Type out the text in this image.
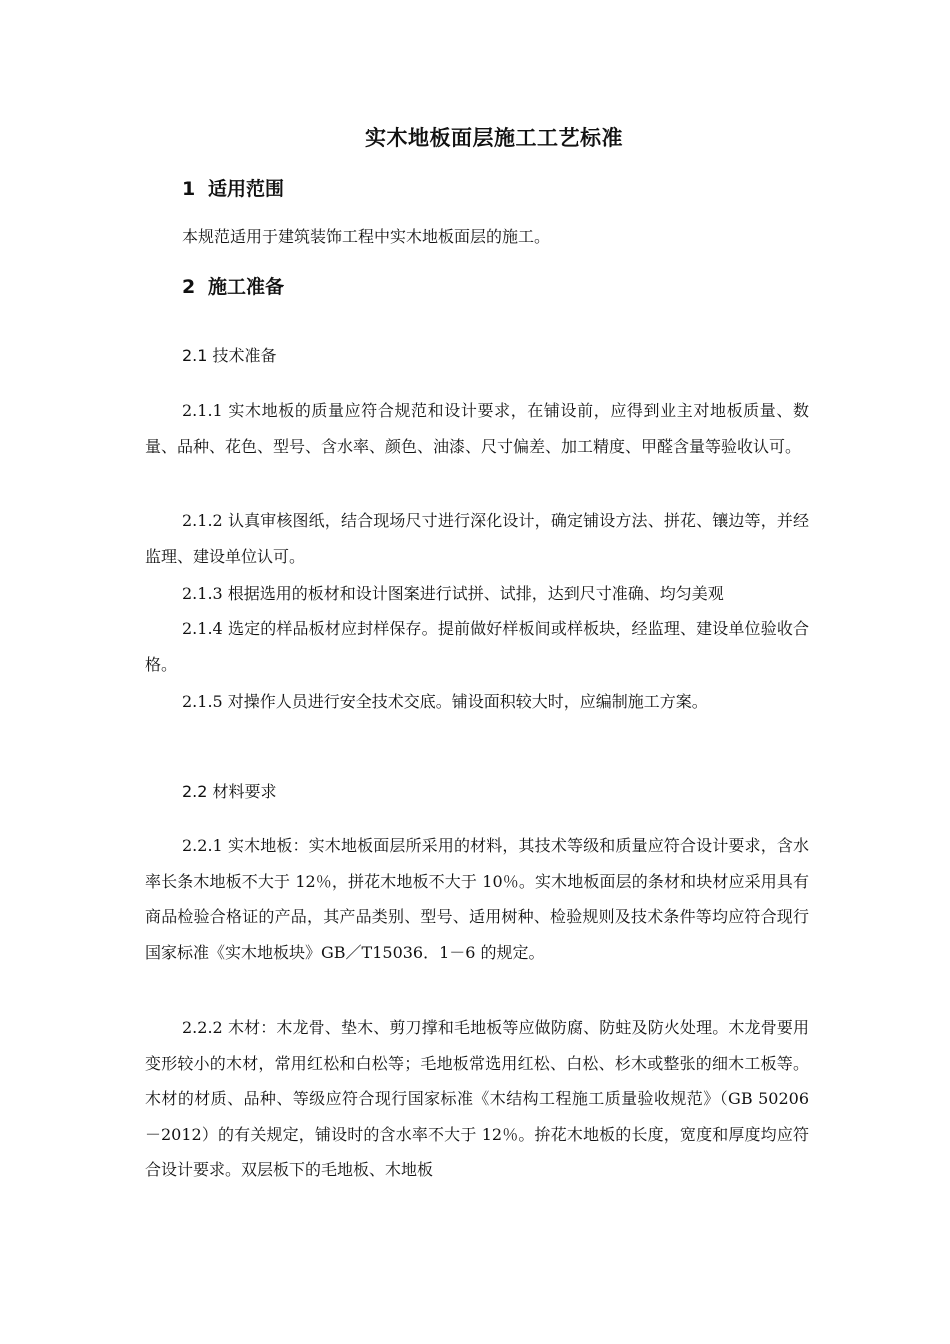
实木地板面层施工工艺标准
1 适用范围
本规范适用于建筑装饰工程中实木地板面层的施工。
2 施工准备
2.1 技术准备
2.1.1 实木地板的质量应符合规范和设计要求，在铺设前，应得到业主对地板质量、数量、品种、花色、型号、含水率、颜色、油漆、尺寸偏差、加工精度、甲醛含量等验收认可。
2.1.2 认真审核图纸，结合现场尺寸进行深化设计，确定铺设方法、拼花、镶边等，并经监理、建设单位认可。
2.1.3 根据选用的板材和设计图案进行试拼、试排，达到尺寸准确、均匀美观
2.1.4 选定的样品板材应封样保存。提前做好样板间或样板块，经监理、建设单位验收合格。
2.1.5 对操作人员进行安全技术交底。铺设面积较大时，应编制施工方案。
2.2 材料要求
2.2.1 实木地板：实木地板面层所采用的材料，其技术等级和质量应符合设计要求，含水率长条木地板不大于 12％，拼花木地板不大于 10％。实木地板面层的条材和块材应采用具有商品检验合格证的产品，其产品类别、型号、适用树种、检验规则及技术条件等均应符合现行国家标准《实木地板块》GB／T15036．1－6 的规定。
2.2.2 木材：木龙骨、垫木、剪刀撑和毛地板等应做防腐、防蛀及防火处理。木龙骨要用变形较小的木材，常用红松和白松等；毛地板常选用红松、白松、杉木或整张的细木工板等。木材的材质、品种、等级应符合现行国家标准《木结构工程施工质量验收规范》（GB 50206－2012）的有关规定，铺设时的含水率不大于 12％。拚花木地板的长度，宽度和厚度均应符合设计要求。双层板下的毛地板、木地板
